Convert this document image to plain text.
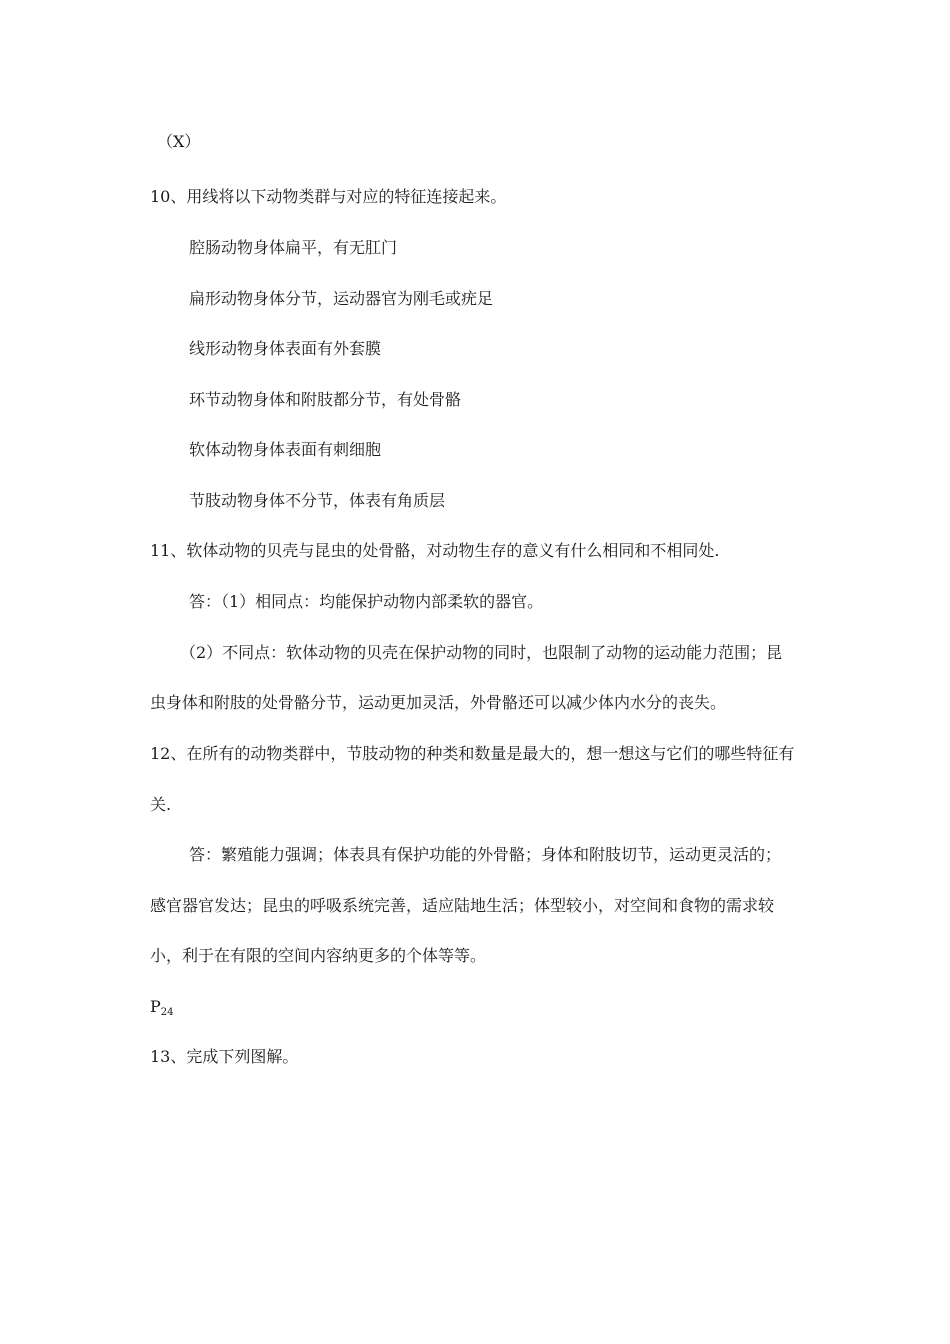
（X）
10、用线将以下动物类群与对应的特征连接起来。
腔肠动物身体扁平，有无肛门
扁形动物身体分节，运动器官为刚毛或疣足
线形动物身体表面有外套膜
环节动物身体和附肢都分节，有处骨骼
软体动物身体表面有刺细胞
节肢动物身体不分节，体表有角质层
11、软体动物的贝壳与昆虫的处骨骼，对动物生存的意义有什么相同和不相同处.
答：（1）相同点：均能保护动物内部柔软的器官。
（2）不同点：软体动物的贝壳在保护动物的同时，也限制了动物的运动能力范围；昆
虫身体和附肢的处骨骼分节，运动更加灵活，外骨骼还可以减少体内水分的丧失。
12、在所有的动物类群中，节肢动物的种类和数量是最大的，想一想这与它们的哪些特征有
关.
答：繁殖能力强调；体表具有保护功能的外骨骼；身体和附肢切节，运动更灵活的；
感官器官发达；昆虫的呼吸系统完善，适应陆地生活；体型较小，对空间和食物的需求较
小，利于在有限的空间内容纳更多的个体等等。
$P_{24}$
13、完成下列图解。
